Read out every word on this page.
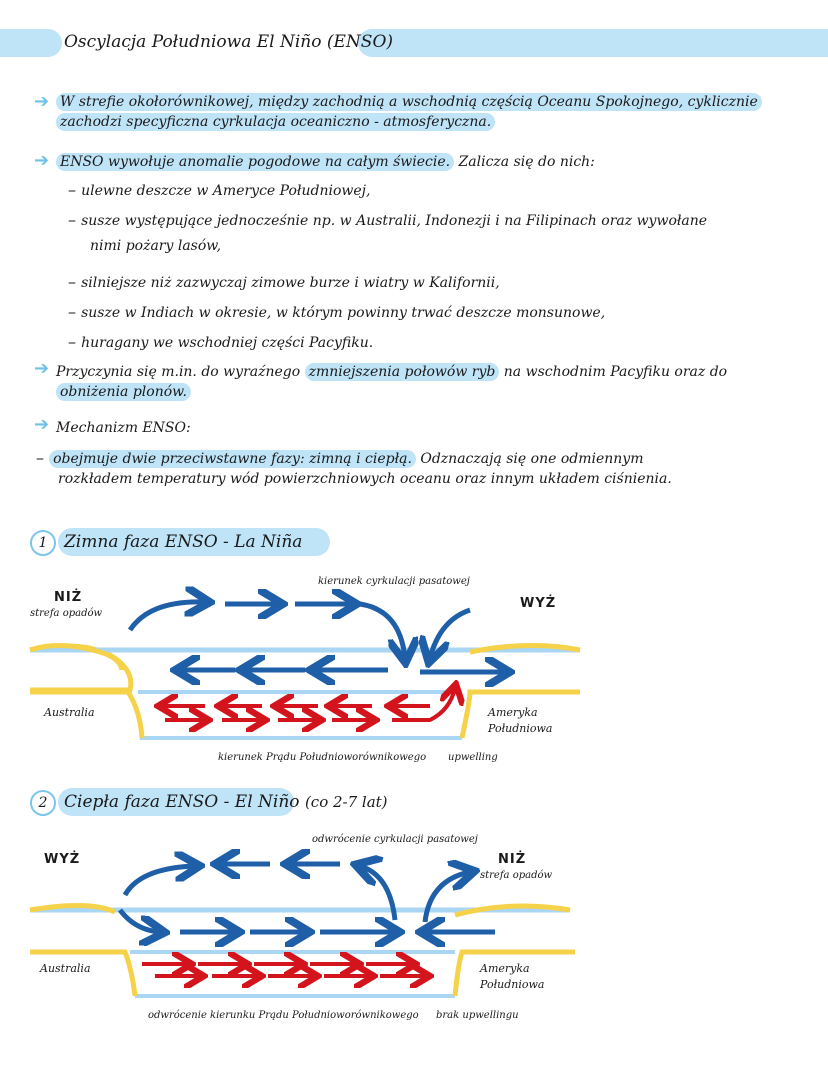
Oscylacja Południowa El Niño (ENSO)
➔ W strefie okołorównikowej, między zachodnią a wschodnią częścią Oceanu Spokojnego, cyklicznie
zachodzi specyficzna cyrkulacja oceaniczno - atmosferyczna.
➔ ENSO wywołuje anomalie pogodowe na całym świecie. Zalicza się do nich:
– ulewne deszcze w Ameryce Południowej,
– susze występujące jednocześnie np. w Australii, Indonezji i na Filipinach oraz wywołane
nimi pożary lasów,
– silniejsze niż zazwyczaj zimowe burze i wiatry w Kalifornii,
– susze w Indiach w okresie, w którym powinny trwać deszcze monsunowe,
– huragany we wschodniej części Pacyfiku.
➔ Przyczynia się m.in. do wyraźnego zmniejszenia połowów ryb na wschodnim Pacyfiku oraz do
obniżenia plonów.
➔ Mechanizm ENSO:
– obejmuje dwie przeciwstawne fazy: zimną i ciepłą. Odznaczają się one odmiennym
rozkładem temperatury wód powierzchniowych oceanu oraz innym układem ciśnienia.
1 Zimna faza ENSO - La Niña
NIŻ
strefa opadów
WYŻ
kierunek cyrkulacji pasatowej
Australia	Ameryka
Południowa
kierunek Prądu Południoworównikowego upwelling
2 Ciepła faza ENSO - El Niño (co 2-7 lat)
WYŻ	NIŻ
strefa opadów
odwrócenie cyrkulacji pasatowej
Australia	Ameryka
Południowa
odwrócenie kierunku Prądu Południoworównikowego brak upwellingu
